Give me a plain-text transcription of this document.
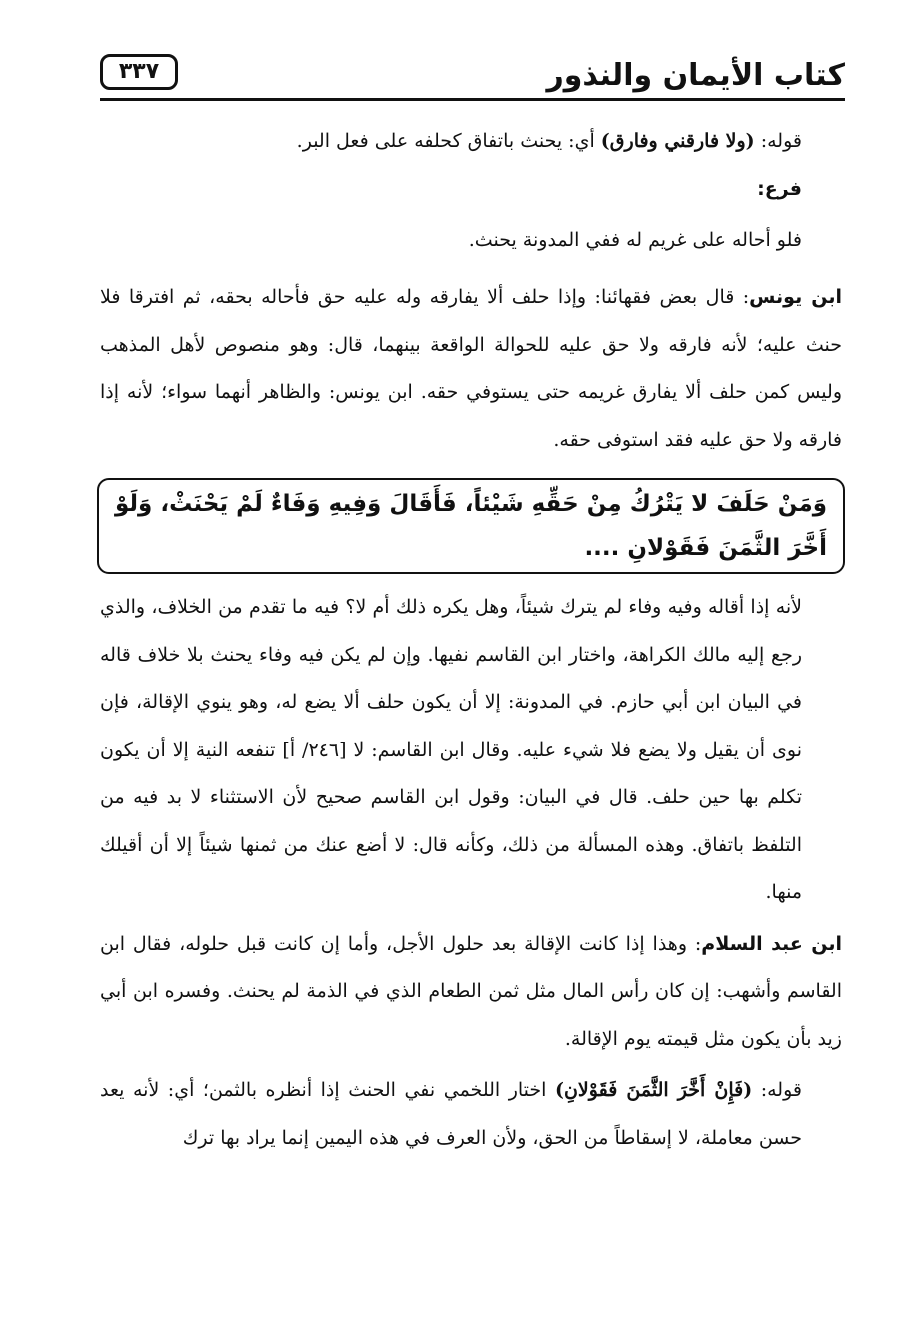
كتاب الأيمان والنذور
٣٣٧

قوله: (ولا فارقني وفارق) أي: يحنث باتفاق كحلفه على فعل البر.

فرع:

فلو أحاله على غريم له ففي المدونة يحنث.

ابن يونس: قال بعض فقهائنا: وإذا حلف ألا يفارقه وله عليه حق فأحاله بحقه، ثم افترقا فلا حنث عليه؛ لأنه فارقه ولا حق عليه للحوالة الواقعة بينهما، قال: وهو منصوص لأهل المذهب وليس كمن حلف ألا يفارق غريمه حتى يستوفي حقه. ابن يونس: والظاهر أنهما سواء؛ لأنه إذا فارقه ولا حق عليه فقد استوفى حقه.

وَمَنْ حَلَفَ لا يَتْرُكُ مِنْ حَقِّهِ شَيْئاً، فَأَقَالَ وَفِيهِ وَفَاءٌ لَمْ يَحْنَثْ، وَلَوْ أَخَّرَ الثَّمَنَ فَقَوْلانِ ....

لأنه إذا أقاله وفيه وفاء لم يترك شيئاً، وهل يكره ذلك أم لا؟ فيه ما تقدم من الخلاف، والذي رجع إليه مالك الكراهة، واختار ابن القاسم نفيها. وإن لم يكن فيه وفاء يحنث بلا خلاف قاله في البيان ابن أبي حازم. في المدونة: إلا أن يكون حلف ألا يضع له، وهو ينوي الإقالة، فإن نوى أن يقيل ولا يضع فلا شيء عليه. وقال ابن القاسم: لا [٢٤٦/ أ] تنفعه النية إلا أن يكون تكلم بها حين حلف. قال في البيان: وقول ابن القاسم صحيح لأن الاستثناء لا بد فيه من التلفظ باتفاق. وهذه المسألة من ذلك، وكأنه قال: لا أضع عنك من ثمنها شيئاً إلا أن أقيلك منها.

ابن عبد السلام: وهذا إذا كانت الإقالة بعد حلول الأجل، وأما إن كانت قبل حلوله، فقال ابن القاسم وأشهب: إن كان رأس المال مثل ثمن الطعام الذي في الذمة لم يحنث. وفسره ابن أبي زيد بأن يكون مثل قيمته يوم الإقالة.

قوله: (فَإِنْ أَخَّرَ الثَّمَنَ فَقَوْلانِ) اختار اللخمي نفي الحنث إذا أنظره بالثمن؛ أي: لأنه يعد حسن معاملة، لا إسقاطاً من الحق، ولأن العرف في هذه اليمين إنما يراد بها ترك
